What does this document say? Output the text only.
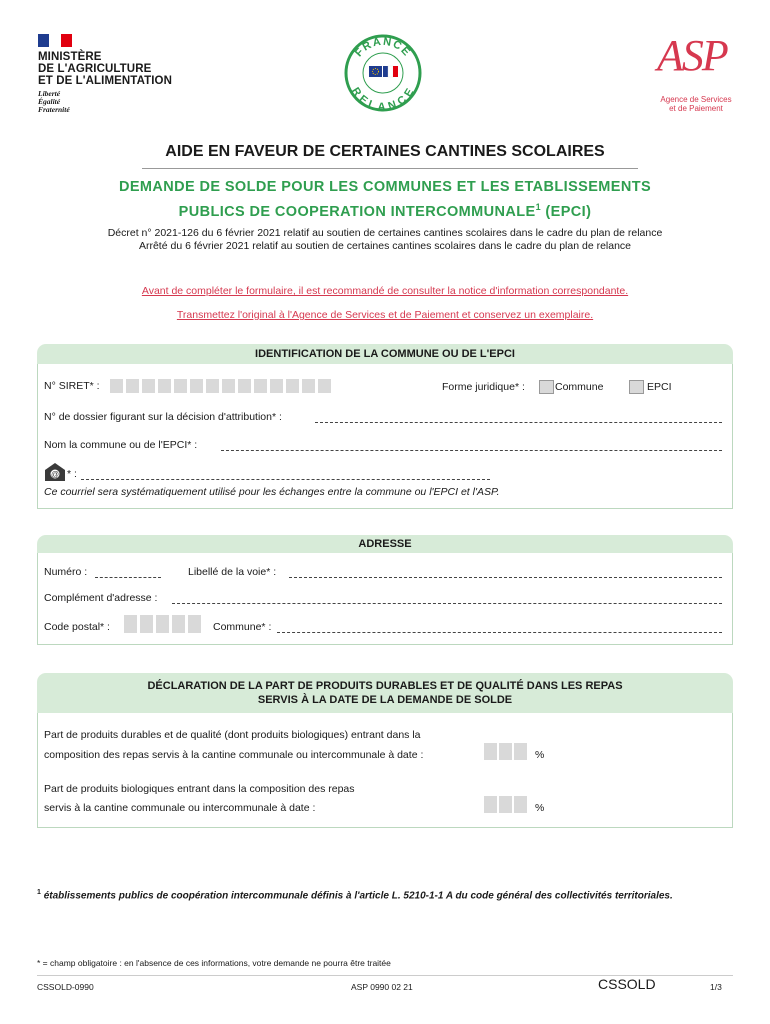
MINISTÈRE
DE L'AGRICULTURE
ET DE L'ALIMENTATION
Liberté
Égalité
Fraternité
FRANCE
RELANCE
ASP
Agence de Services
et de Paiement
AIDE EN FAVEUR DE CERTAINES CANTINES SCOLAIRES
DEMANDE DE SOLDE POUR LES COMMUNES ET LES ETABLISSEMENTS
PUBLICS DE COOPERATION INTERCOMMUNALE$^1$ (EPCI)
Décret n° 2021-126 du 6 février 2021 relatif au soutien de certaines cantines scolaires dans le cadre du plan de relance
Arrêté du 6 février 2021 relatif au soutien de certaines cantines scolaires dans le cadre du plan de relance
Avant de compléter le formulaire, il est recommandé de consulter la notice d'information correspondante.
Transmettez l'original à l'Agence de Services et de Paiement et conservez un exemplaire.
IDENTIFICATION DE LA COMMUNE OU DE L'EPCI
N° SIRET* :	Forme juridique* :	Commune	EPCI
N° de dossier figurant sur la décision d'attribution* :
Nom la commune ou de l'EPCI* :
@ * :
Ce courriel sera systématiquement utilisé pour les échanges entre la commune ou l'EPCI et l'ASP.
ADRESSE
Numéro :	Libellé de la voie* :
Complément d'adresse :
Code postal* :	Commune* :
DÉCLARATION DE LA PART DE PRODUITS DURABLES ET DE QUALITÉ DANS LES REPAS
SERVIS À LA DATE DE LA DEMANDE DE SOLDE
Part de produits durables et de qualité (dont produits biologiques) entrant dans la
composition des repas servis à la cantine communale ou intercommunale à date :	%
Part de produits biologiques entrant dans la composition des repas
servis à la cantine communale ou intercommunale à date :	%
$^1$ établissements publics de coopération intercommunale définis à l'article L. 5210-1-1 A du code général des collectivités territoriales.
* = champ obligatoire : en l'absence de ces informations, votre demande ne pourra être traitée
CSSOLD-0990	ASP 0990 02 21	CSSOLD	1/3
